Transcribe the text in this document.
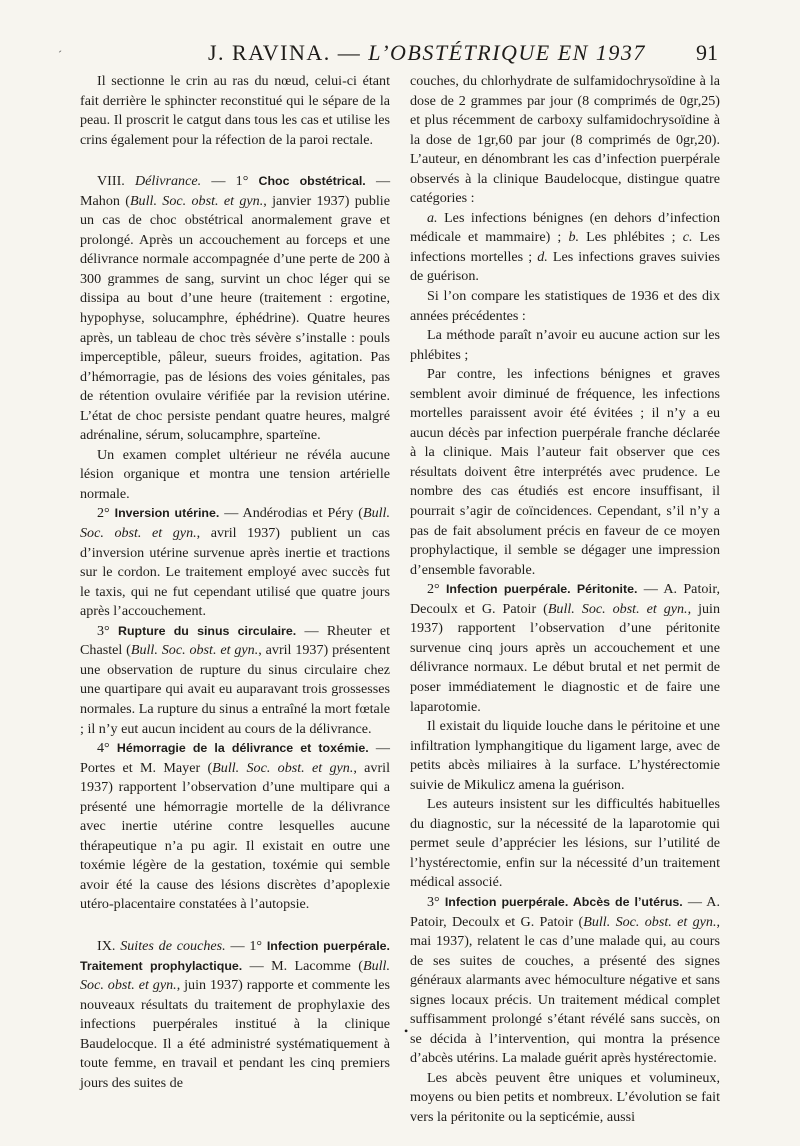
´	J. RAVINA. — L’OBSTÉTRIQUE EN 1937 91

Il sectionne le crin au ras du nœud, celui-ci étant fait derrière le sphincter reconstitué qui le sépare de la peau. Il proscrit le catgut dans tous les cas et utilise les crins également pour la réfection de la paroi rectale.

VIII. Délivrance. — 1° Choc obstétrical. — Mahon (Bull. Soc. obst. et gyn., janvier 1937) publie un cas de choc obstétrical anormalement grave et prolongé. Après un accouchement au forceps et une délivrance normale accompagnée d’une perte de 200 à 300 grammes de sang, survint un choc léger qui se dissipa au bout d’une heure (traitement : ergotine, hypophyse, solucamphre, éphédrine). Quatre heures après, un tableau de choc très sévère s’installe : pouls imperceptible, pâleur, sueurs froides, agitation. Pas d’hémorragie, pas de lésions des voies génitales, pas de rétention ovulaire vérifiée par la revision utérine. L’état de choc persiste pendant quatre heures, malgré adrénaline, sérum, solucamphre, sparteïne.

Un examen complet ultérieur ne révéla aucune lésion organique et montra une tension artérielle normale.

2° Inversion utérine. — Andérodias et Péry (Bull. Soc. obst. et gyn., avril 1937) publient un cas d’inversion utérine survenue après inertie et tractions sur le cordon. Le traitement employé avec succès fut le taxis, qui ne fut cependant utilisé que quatre jours après l’accouchement.

3° Rupture du sinus circulaire. — Rheuter et Chastel (Bull. Soc. obst. et gyn., avril 1937) présentent une observation de rupture du sinus circulaire chez une quartipare qui avait eu auparavant trois grossesses normales. La rupture du sinus a entraîné la mort fœtale ; il n’y eut aucun incident au cours de la délivrance.

4° Hémorragie de la délivrance et toxémie. — Portes et M. Mayer (Bull. Soc. obst. et gyn., avril 1937) rapportent l’observation d’une multipare qui a présenté une hémorragie mortelle de la délivrance avec inertie utérine contre lesquelles aucune thérapeutique n’a pu agir. Il existait en outre une toxémie légère de la gestation, toxémie qui semble avoir été la cause des lésions discrètes d’apoplexie utéro-placentaire constatées à l’autopsie.

IX. Suites de couches. — 1° Infection puerpérale. Traitement prophylactique. — M. Lacomme (Bull. Soc. obst. et gyn., juin 1937) rapporte et commente les nouveaux résultats du traitement de prophylaxie des infections puerpérales institué à la clinique Baudelocque. Il a été administré systématiquement à toute femme, en travail et pendant les cinq premiers jours des suites de

couches, du chlorhydrate de sulfamidochrysoïdine à la dose de 2 grammes par jour (8 comprimés de 0gr,25) et plus récemment de carboxy sulfamidochrysoïdine à la dose de 1gr,60 par jour (8 comprimés de 0gr,20). L’auteur, en dénombrant les cas d’infection puerpérale observés à la clinique Baudelocque, distingue quatre catégories :

a. Les infections bénignes (en dehors d’infection médicale et mammaire) ; b. Les phlébites ; c. Les infections mortelles ; d. Les infections graves suivies de guérison.

Si l’on compare les statistiques de 1936 et des dix années précédentes :

La méthode paraît n’avoir eu aucune action sur les phlébites ;

Par contre, les infections bénignes et graves semblent avoir diminué de fréquence, les infections mortelles paraissent avoir été évitées ; il n’y a eu aucun décès par infection puerpérale franche déclarée à la clinique. Mais l’auteur fait observer que ces résultats doivent être interprétés avec prudence. Le nombre des cas étudiés est encore insuffisant, il pourrait s’agir de coïncidences. Cependant, s’il n’y a pas de fait absolument précis en faveur de ce moyen prophylactique, il semble se dégager une impression d’ensemble favorable.

2° Infection puerpérale. Péritonite. — A. Patoir, Decoulx et G. Patoir (Bull. Soc. obst. et gyn., juin 1937) rapportent l’observation d’une péritonite survenue cinq jours après un accouchement et une délivrance normaux. Le début brutal et net permit de poser immédiatement le diagnostic et de faire une laparotomie.

Il existait du liquide louche dans le péritoine et une infiltration lymphangitique du ligament large, avec de petits abcès miliaires à la surface. L’hystérectomie suivie de Mikulicz amena la guérison.

Les auteurs insistent sur les difficultés habituelles du diagnostic, sur la nécessité de la laparotomie qui permet seule d’apprécier les lésions, sur l’utilité de l’hystérectomie, enfin sur la nécessité d’un traitement médical associé.

3° Infection puerpérale. Abcès de l’utérus. — A. Patoir, Decoulx et G. Patoir (Bull. Soc. obst. et gyn., mai 1937), relatent le cas d’une malade qui, au cours de ses suites de couches, a présenté des signes généraux alarmants avec hémoculture négative et sans signes locaux précis. Un traitement médical complet suffisamment prolongé s’étant révélé sans succès, on se décida à l’intervention, qui montra la présence d’abcès utérins. La malade guérit après hystérectomie.

Les abcès peuvent être uniques et volumineux, moyens ou bien petits et nombreux. L’évolution se fait vers la péritonite ou la septicémie, aussi

•
